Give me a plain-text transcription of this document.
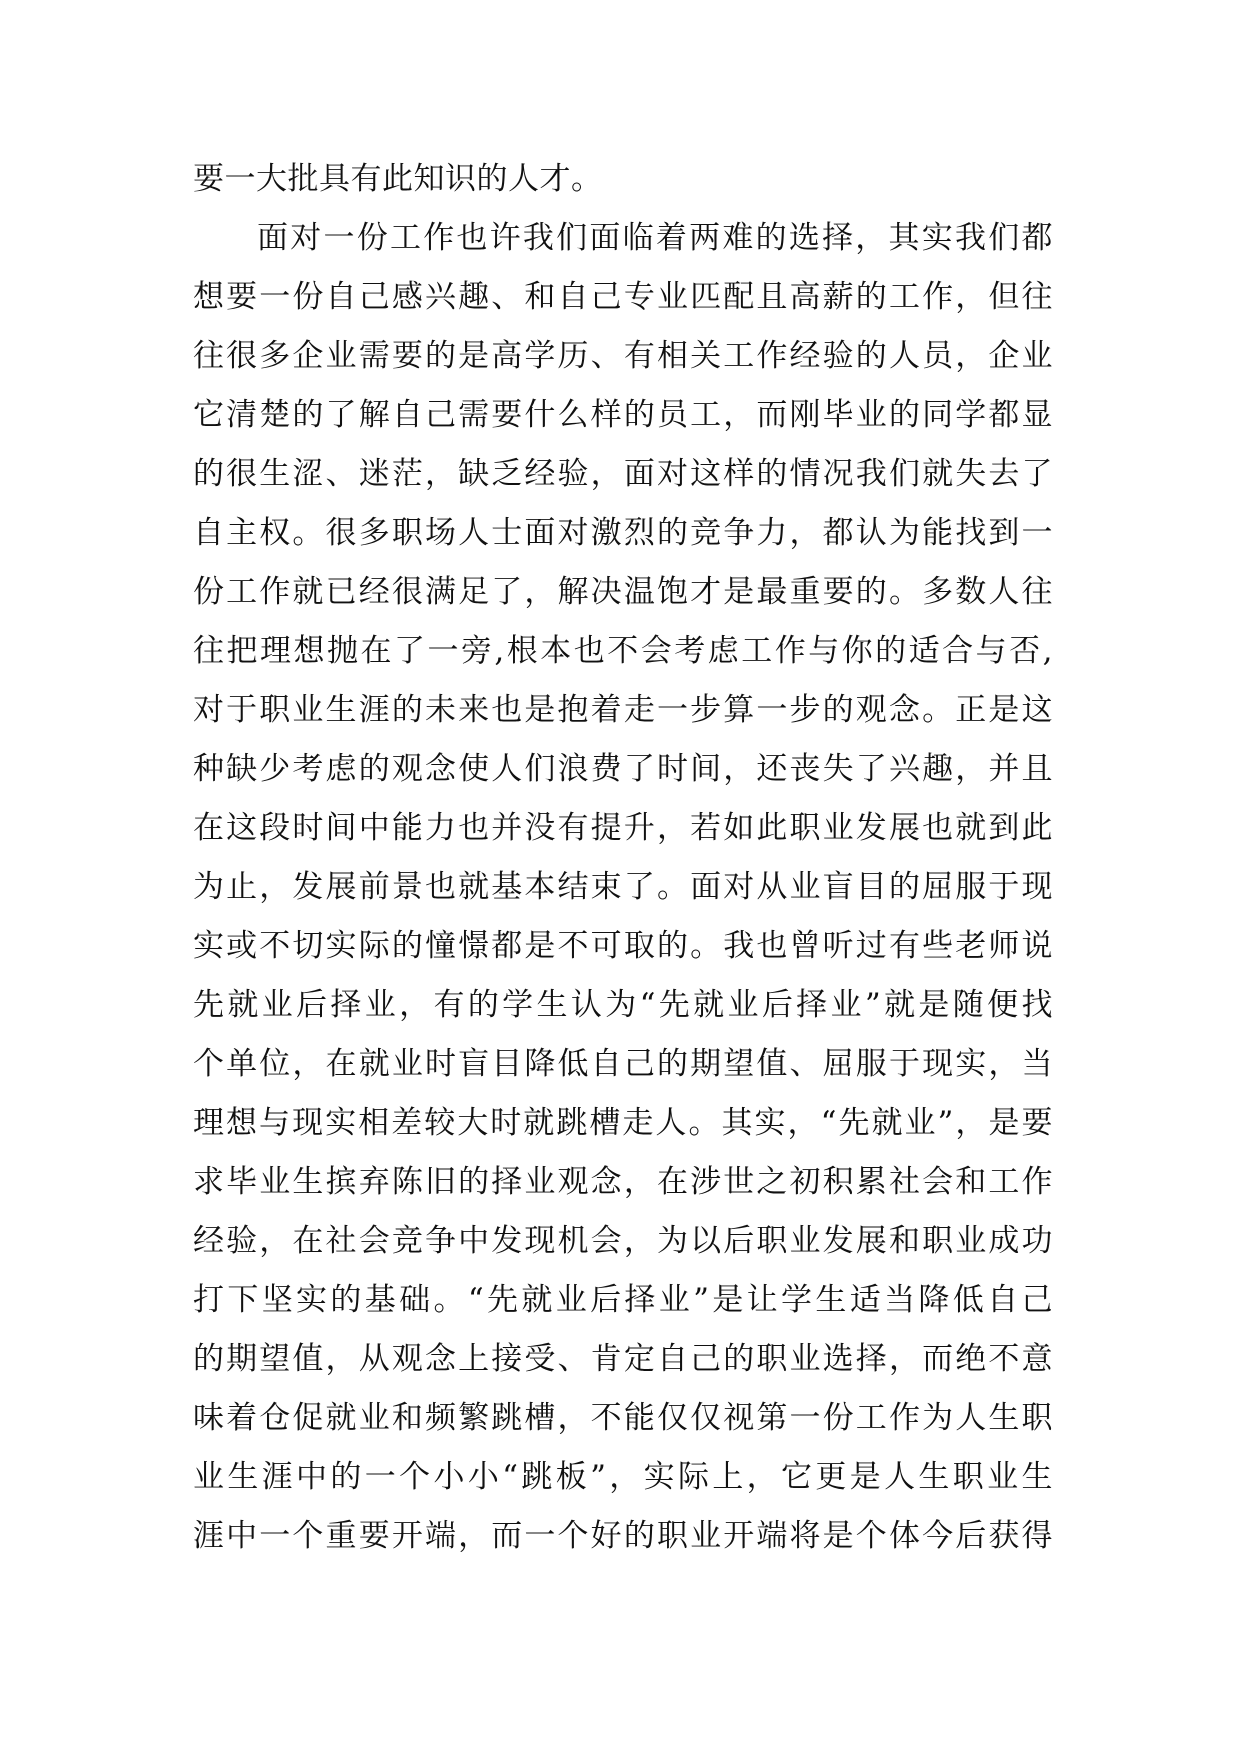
要一大批具有此知识的人才。
面对一份工作也许我们面临着两难的选择，其实我们都
想要一份自己感兴趣、和自己专业匹配且高薪的工作，但往
往很多企业需要的是高学历、有相关工作经验的人员，企业
它清楚的了解自己需要什么样的员工，而刚毕业的同学都显
的很生涩、迷茫，缺乏经验，面对这样的情况我们就失去了
自主权。很多职场人士面对激烈的竞争力，都认为能找到一
份工作就已经很满足了，解决温饱才是最重要的。多数人往
往把理想抛在了一旁,根本也不会考虑工作与你的适合与否,
对于职业生涯的未来也是抱着走一步算一步的观念。正是这
种缺少考虑的观念使人们浪费了时间，还丧失了兴趣，并且
在这段时间中能力也并没有提升，若如此职业发展也就到此
为止，发展前景也就基本结束了。面对从业盲目的屈服于现
实或不切实际的憧憬都是不可取的。我也曾听过有些老师说
先就业后择业，有的学生认为“先就业后择业”就是随便找
个单位，在就业时盲目降低自己的期望值、屈服于现实，当
理想与现实相差较大时就跳槽走人。其实，“先就业”，是要
求毕业生摈弃陈旧的择业观念，在涉世之初积累社会和工作
经验，在社会竞争中发现机会，为以后职业发展和职业成功
打下坚实的基础。“先就业后择业”是让学生适当降低自己
的期望值，从观念上接受、肯定自己的职业选择，而绝不意
味着仓促就业和频繁跳槽，不能仅仅视第一份工作为人生职
业生涯中的一个小小“跳板”，实际上，它更是人生职业生
涯中一个重要开端，而一个好的职业开端将是个体今后获得
